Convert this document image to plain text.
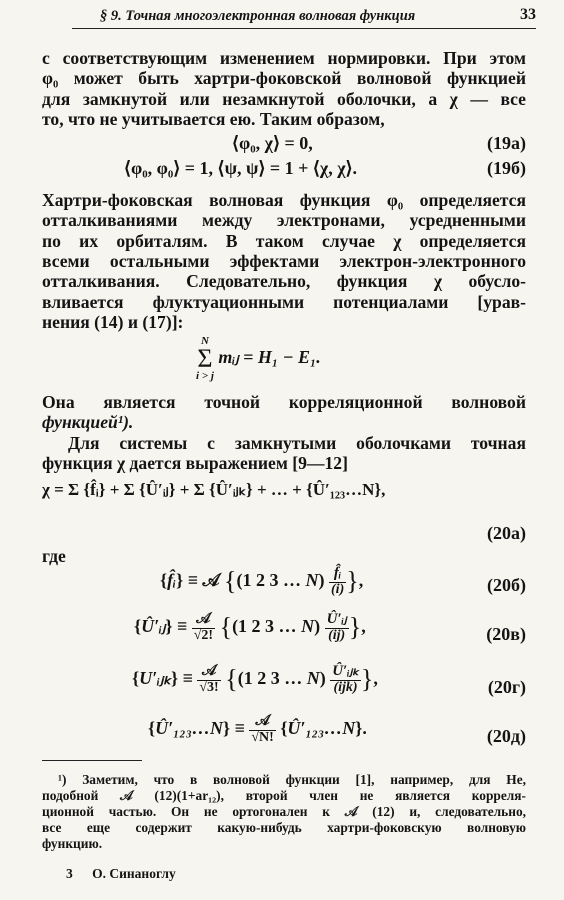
§ 9. Точная многоэлектронная волновая функция	33
с соответствующим изменением нормировки. При этом
φ₀ может быть хартри-фоковской волновой функцией
для замкнутой или незамкнутой оболочки, а χ — все
то, что не учитывается ею. Таким образом,
⟨φ₀, χ⟩ = 0,	(19а)
⟨φ₀, φ₀⟩ = 1, ⟨ψ, ψ⟩ = 1 + ⟨χ, χ⟩.	(19б)
Хартри-фоковская волновая функция φ₀ определяется
отталкиваниями между электронами, усредненными
по их орбиталям. В таком случае χ определяется
всеми остальными эффектами электрон-электронного
отталкивания. Следовательно, функция χ обусло-
вливается флуктуационными потенциалами [урав-
нения (14) и (17)]:
N
Σ
i > j
mᵢⱼ = H₁ − E₁.
Она является точной корреляционной волновой
функцией¹).
Для системы с замкнутыми оболочками точная
функция χ дается выражением [9—12]
χ = Σ {f̂ᵢ} + Σ {Û′ᵢⱼ} + Σ {Û′ᵢⱼₖ} + … + {Û′₁₂₃…N},
(20а)
где
{f̂ᵢ} ≡ 𝒜 {(1 2 3 … $N) \frac{\text{f̂ᵢ}}{(i)}$ },	(20б)
{Û′ᵢⱼ} ≡ $\frac{\text{𝒜}}{√2!} \{(1$ 2 3 … $N) \frac{\text{Û′ᵢⱼ}}{(ij)}$ },	(20в)
{U′ᵢⱼₖ} ≡ $\frac{\text{𝒜}}{√3!} \{(1$ 2 3 … $N) \frac{\text{Û′ᵢⱼₖ}}{\text{(ijk)}}$ },	(20г)
{Û′₁₂₃…N} ≡ $\frac{\text{𝒜}}{√N!}$ {Û′₁₂₃…N}.	(20д)
¹) Заметим, что в волновой функции [1], например, для He,
подобной 𝒜 (12)(1+ar₁₂), второй член не является корреля-
ционной частью. Он не ортогонален к 𝒜 (12) и, следовательно,
все еще содержит какую-нибудь хартри-фоковскую волновую
функцию.
3 О. Синаноглу
